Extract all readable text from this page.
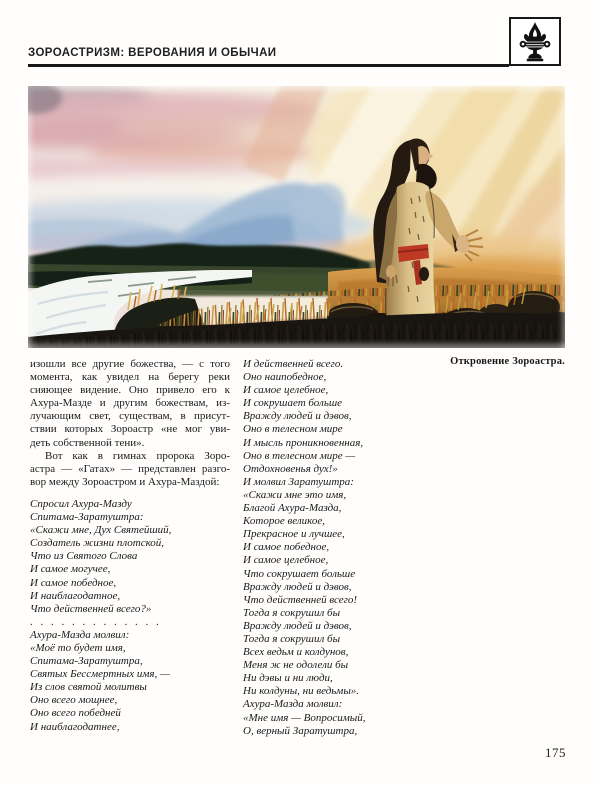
ЗОРОАСТРИЗМ: ВЕРОВАНИЯ И ОБЫЧАИ
Откровение Зороастра.
изошли все другие божества, — с того
момента, как увидел на берегу реки
сияющее видение. Оно привело его к
Ахура-Мазде и другим божествам, из-
лучающим свет, существам, в присут-
ствии которых Зороастр «не мог уви-
деть собственной тени».
Вот как в гимнах пророка Зоро-
астра — «Гатах» — представлен разго-
вор между Зороастром и Ахура-Маздой:
Спросил Ахура-Мазду
Спитама-Заратуштра:
«Скажи мне, Дух Святейший,
Создатель жизни плотской,
Что из Святого Слова
И самое могучее,
И самое победное,
И наиблагодатное,
Что действенней всего?»
. . . . . . . . . . . . .
Ахура-Мазда молвил:
«Моё то будет имя,
Спитама-Заратуштра,
Святых Бессмертных имя, —
Из слов святой молитвы
Оно всего мощнее,
Оно всего победней
И наиблагодатнее,
И действенней всего.
Оно наипобедное,
И самое целебное,
И сокрушает больше
Вражду людей и дэвов,
Оно в телесном мире
И мысль проникновенная,
Оно в телесном мире —
Отдохновенья дух!»
И молвил Заратуштра:
«Скажи мне это имя,
Благой Ахура-Мазда,
Которое великое,
Прекрасное и лучшее,
И самое победное,
И самое целебное,
Что сокрушает больше
Вражду людей и дэвов,
Что действенней всего!
Тогда я сокрушил бы
Вражду людей и дэвов,
Тогда я сокрушил бы
Всех ведьм и колдунов,
Меня ж не одолели бы
Ни дэвы и ни люди,
Ни колдуны, ни ведьмы».
Ахура-Мазда молвил:
«Мне имя — Вопросимый,
О, верный Заратуштра,
175
